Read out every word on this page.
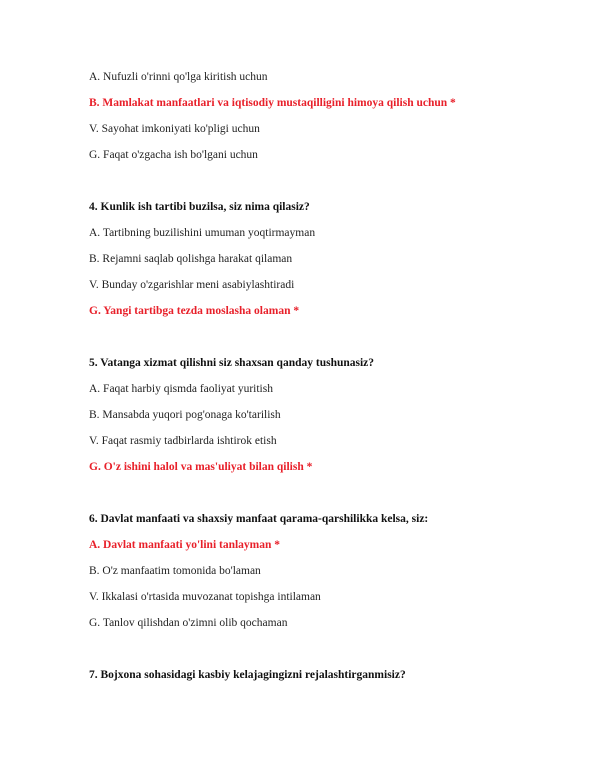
A. Nufuzli o'rinni qo'lga kiritish uchun
B. Mamlakat manfaatlari va iqtisodiy mustaqilligini himoya qilish uchun *
V. Sayohat imkoniyati ko'pligi uchun
G. Faqat o'zgacha ish bo'lgani uchun
4. Kunlik ish tartibi buzilsa, siz nima qilasiz?
A. Tartibning buzilishini umuman yoqtirmayman
B. Rejamni saqlab qolishga harakat qilaman
V. Bunday o'zgarishlar meni asabiylashtiradi
G. Yangi tartibga tezda moslasha olaman *
5. Vatanga xizmat qilishni siz shaxsan qanday tushunasiz?
A. Faqat harbiy qismda faoliyat yuritish
B. Mansabda yuqori pog'onaga ko'tarilish
V. Faqat rasmiy tadbirlarda ishtirok etish
G. O'z ishini halol va mas'uliyat bilan qilish *
6. Davlat manfaati va shaxsiy manfaat qarama-qarshilikka kelsa, siz:
A. Davlat manfaati yo'lini tanlayman *
B. O'z manfaatim tomonida bo'laman
V. Ikkalasi o'rtasida muvozanat topishga intilaman
G. Tanlov qilishdan o'zimni olib qochaman
7. Bojxona sohasidagi kasbiy kelajagingizni rejalashtirganmisiz?
